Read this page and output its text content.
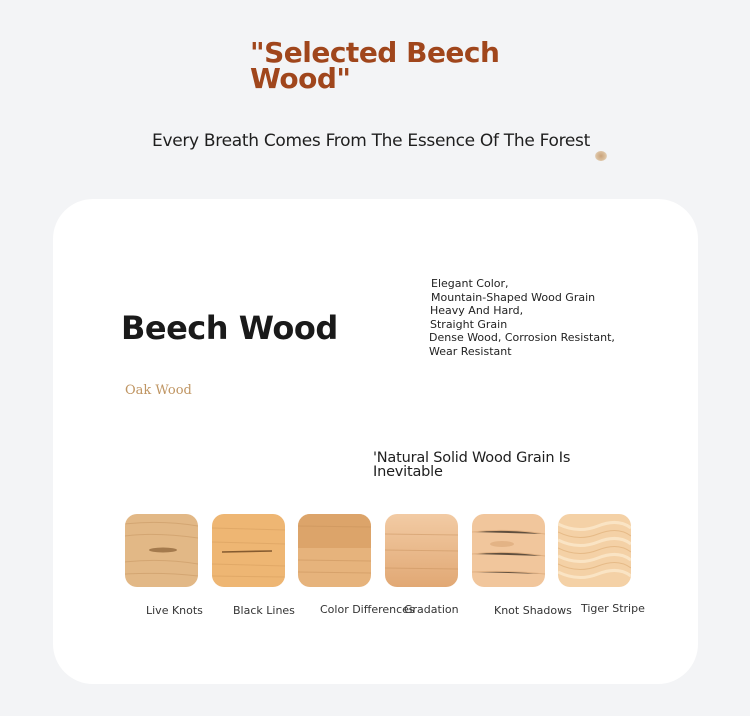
"Selected Beech Wood"
Every Breath Comes From The Essence Of The Forest
Beech Wood
Oak Wood
Elegant Color,
Mountain-Shaped Wood Grain
Heavy And Hard, Straight Grain
Dense Wood, Corrosion Resistant,
Wear Resistant
'Natural Solid Wood Grain Is Inevitable
Live Knots	Black Lines Color Differences
Gradation	Knot Shadows Tiger Stripe
